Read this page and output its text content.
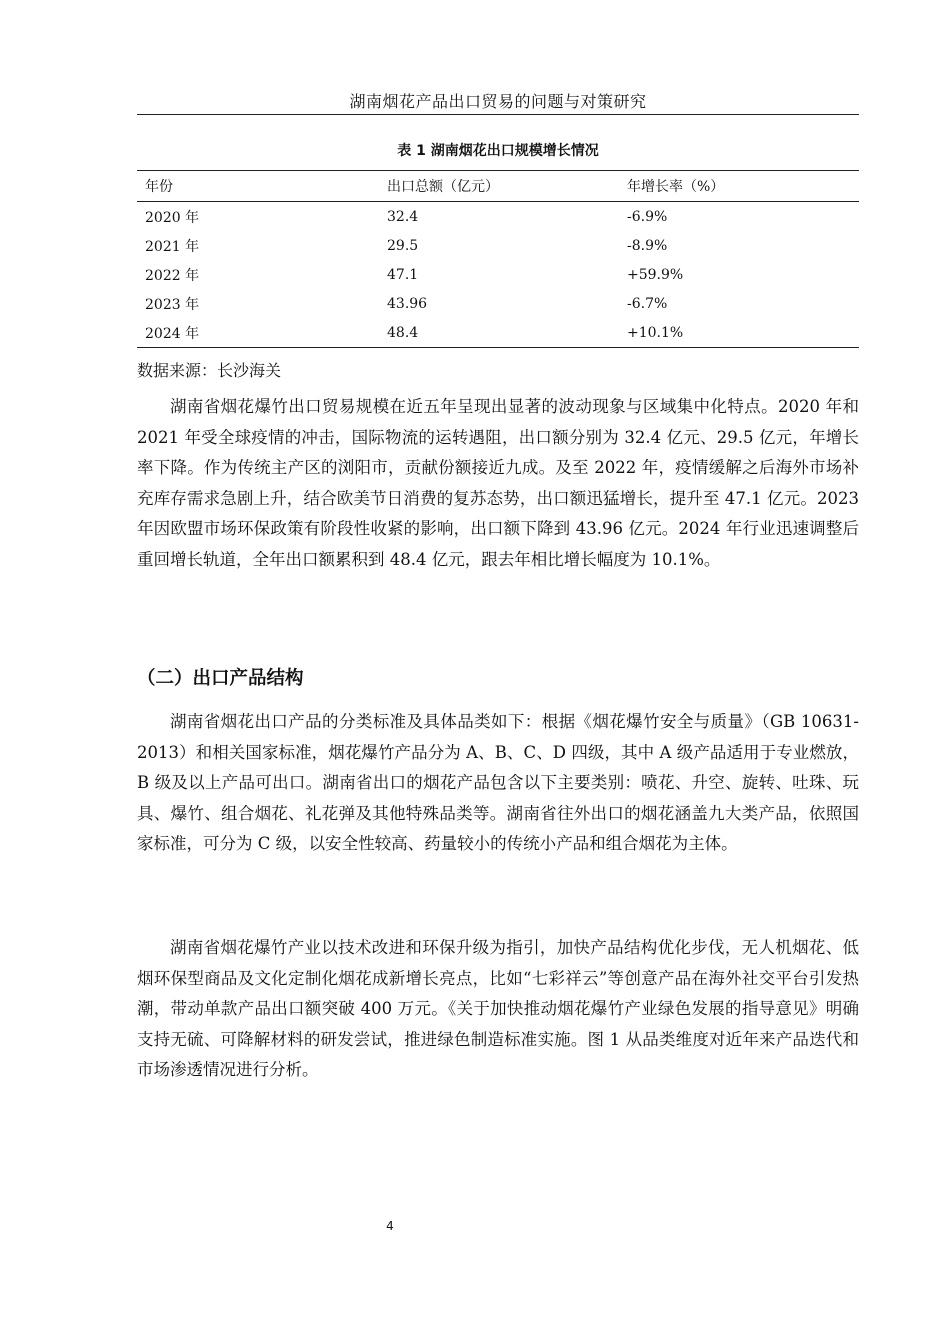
湖南烟花产品出口贸易的问题与对策研究
表 1 湖南烟花出口规模增长情况
年份	出口总额（亿元）	年增长率（%）
2020 年	32.4	-6.9%
2021 年	29.5	-8.9%
2022 年	47.1	+59.9%
2023 年	43.96	-6.7%
2024 年	48.4	+10.1%
数据来源：长沙海关

湖南省烟花爆竹出口贸易规模在近五年呈现出显著的波动现象与区域集中化特点。2020 年和 2021 年受全球疫情的冲击，国际物流的运转遇阻，出口额分别为 32.4 亿元、29.5 亿元，年增长率下降。作为传统主产区的浏阳市，贡献份额接近九成。及至 2022 年，疫情缓解之后海外市场补充库存需求急剧上升，结合欧美节日消费的复苏态势，出口额迅猛增长，提升至 47.1 亿元。2023 年因欧盟市场环保政策有阶段性收紧的影响，出口额下降到 43.96 亿元。2024 年行业迅速调整后重回增长轨道，全年出口额累积到 48.4 亿元，跟去年相比增长幅度为 10.1%。

（二）出口产品结构

湖南省烟花出口产品的分类标准及具体品类如下：根据《烟花爆竹安全与质量》（GB 10631-2013）和相关国家标准，烟花爆竹产品分为 A、B、C、D 四级，其中 A 级产品适用于专业燃放，B 级及以上产品可出口。湖南省出口的烟花产品包含以下主要类别：喷花、升空、旋转、吐珠、玩具、爆竹、组合烟花、礼花弹及其他特殊品类等。湖南省往外出口的烟花涵盖九大类产品，依照国家标准，可分为 C 级，以安全性较高、药量较小的传统小产品和组合烟花为主体。

湖南省烟花爆竹产业以技术改进和环保升级为指引，加快产品结构优化步伐，无人机烟花、低烟环保型商品及文化定制化烟花成新增长亮点，比如“七彩祥云”等创意产品在海外社交平台引发热潮，带动单款产品出口额突破 400 万元。《关于加快推动烟花爆竹产业绿色发展的指导意见》明确支持无硫、可降解材料的研发尝试，推进绿色制造标准实施。图 1 从品类维度对近年来产品迭代和市场渗透情况进行分析。

4
